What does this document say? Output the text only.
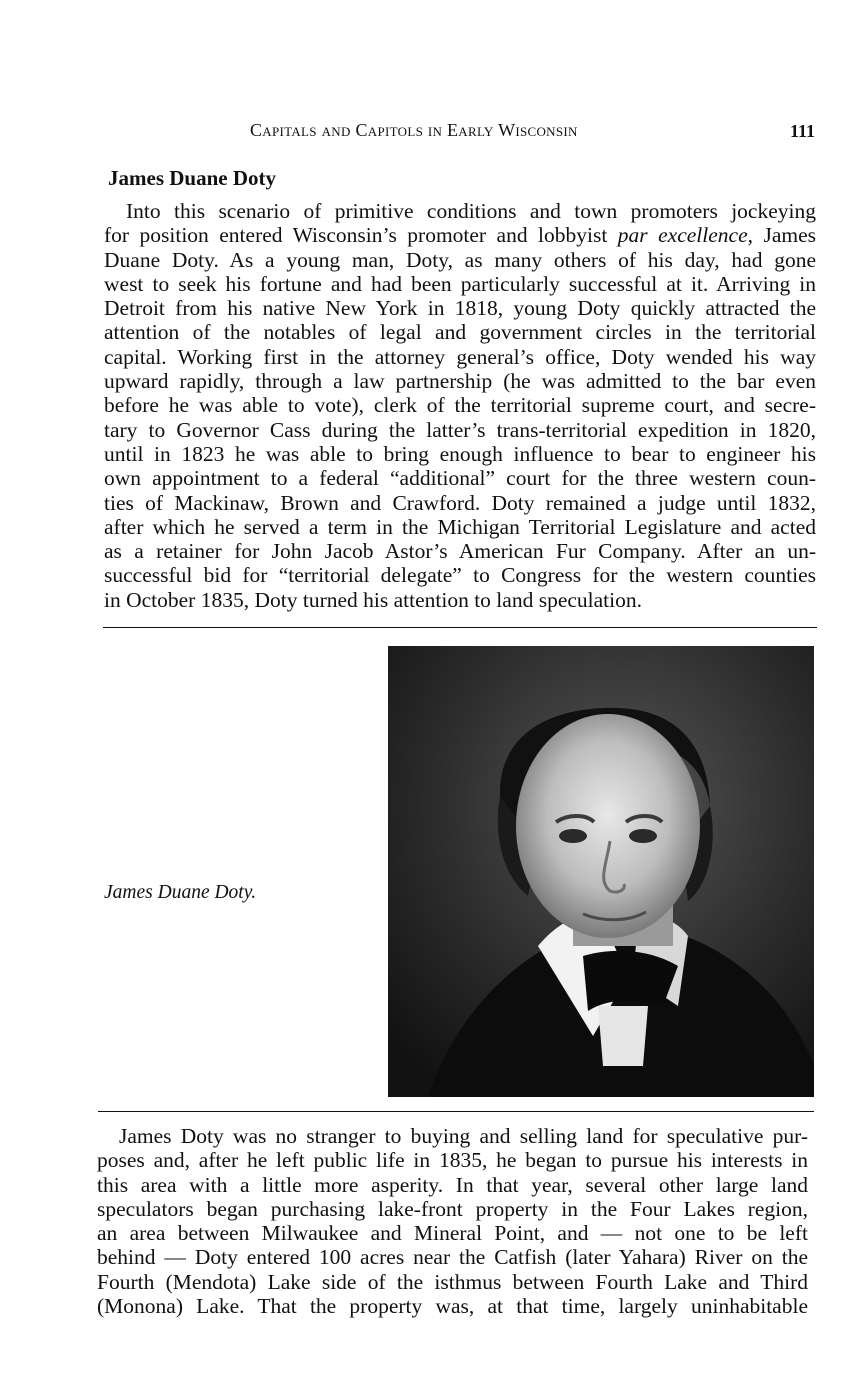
Capitals and Capitols in Early Wisconsin	111
James Duane Doty
Into this scenario of primitive conditions and town promoters jockeying
for position entered Wisconsin’s promoter and lobbyist par excellence, James
Duane Doty. As a young man, Doty, as many others of his day, had gone
west to seek his fortune and had been particularly successful at it. Arriving in
Detroit from his native New York in 1818, young Doty quickly attracted the
attention of the notables of legal and government circles in the territorial
capital. Working first in the attorney general’s office, Doty wended his way
upward rapidly, through a law partnership (he was admitted to the bar even
before he was able to vote), clerk of the territorial supreme court, and secre-
tary to Governor Cass during the latter’s trans-territorial expedition in 1820,
until in 1823 he was able to bring enough influence to bear to engineer his
own appointment to a federal “additional” court for the three western coun-
ties of Mackinaw, Brown and Crawford. Doty remained a judge until 1832,
after which he served a term in the Michigan Territorial Legislature and acted
as a retainer for John Jacob Astor’s American Fur Company. After an un-
successful bid for “territorial delegate” to Congress for the western counties
in October 1835, Doty turned his attention to land speculation.
James Duane Doty.
James Doty was no stranger to buying and selling land for speculative pur-
poses and, after he left public life in 1835, he began to pursue his interests in
this area with a little more asperity. In that year, several other large land
speculators began purchasing lake-front property in the Four Lakes region,
an area between Milwaukee and Mineral Point, and — not one to be left
behind — Doty entered 100 acres near the Catfish (later Yahara) River on the
Fourth (Mendota) Lake side of the isthmus between Fourth Lake and Third
(Monona) Lake. That the property was, at that time, largely uninhabitable
